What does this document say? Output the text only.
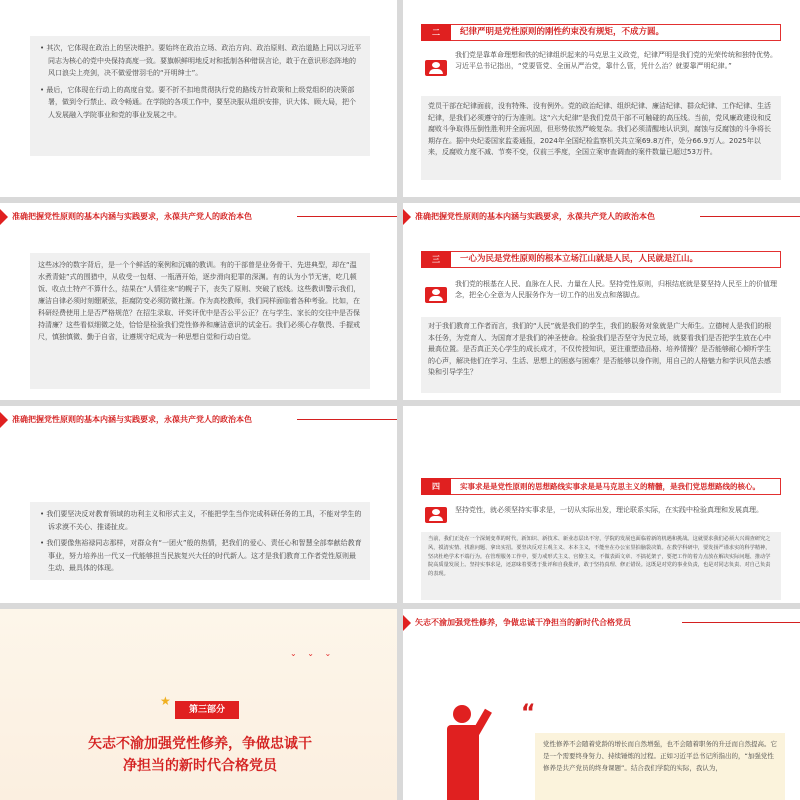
• 其次，它体现在政治上的坚决维护。要始终在政治立场、政治方向、政治原则、政治道路上同以习近平同志为核心的党中央保持高度一致。要旗帜鲜明地反对和抵制各种错误言论，敢于在意识形态阵地的风口浪尖上亮剑，决不做爱惜羽毛的“开明绅士”。

• 最后，它体现在行动上的高度自觉。要不折不扣地贯彻执行党的路线方针政策和上级党组织的决策部署，做到令行禁止、政令畅通。在学院的各项工作中，要坚决服从组织安排，识大体、顾大局，把个人发展融入学院事业和党的事业发展之中。

二	纪律严明是党性原则的刚性约束没有规矩，不成方圆。

我们党是靠革命理想和铁的纪律组织起来的马克思主义政党，纪律严明是我们党的光荣传统和独特优势。习近平总书记指出，“党要管党、全面从严治党，靠什么管，凭什么治？就要靠严明纪律。”

党员干部在纪律面前，没有特殊、没有例外。党的政治纪律、组织纪律、廉洁纪律、群众纪律、工作纪律、生活纪律，是我们必须遵守的行为准则。这“六大纪律”是我们党员干部不可触碰的高压线。当前，党风廉政建设和反腐败斗争取得压倒性胜利并全面巩固，但形势依然严峻复杂。我们必须清醒地认识到，腐蚀与反腐蚀的斗争将长期存在。据中央纪委国家监委通报，2024年全国纪检监察机关共立案69.8万件，处分66.9万人。2025年以来，反腐败力度不减、节奏不变，仅前三季度，全国立案审查调查的案件数量已超过53万件。

准确把握党性原则的基本内涵与实践要求，永葆共产党人的政治本色

这些冰冷的数字背后，是一个个鲜活的案例和沉痛的教训。有的干部曾是业务骨干、先进典型，却在“温水煮青蛙”式的围猎中，从收受一包烟、一瓶酒开始，逐步滑向犯罪的深渊。有的认为小节无害，吃几顿饭、收点土特产不算什么，结果在“人情往来”的幌子下，丧失了原则、突破了底线。这些教训警示我们，廉洁自律必须时刻绷紧弦，拒腐防变必须防微杜渐。作为高校教师，我们同样面临着各种考验。比如，在科研经费使用上是否严格规范？在招生录取、评奖评优中是否公平公正？在与学生、家长的交往中是否保持清廉？这些看似细微之处，恰恰是检验我们党性修养和廉洁意识的试金石。我们必须心存敬畏、手握戒尺，慎独慎微、勤于自省，让遵规守纪成为一种思想自觉和行动自觉。

准确把握党性原则的基本内涵与实践要求，永葆共产党人的政治本色
三	一心为民是党性原则的根本立场江山就是人民，人民就是江山。

我们党的根基在人民、血脉在人民、力量在人民。坚持党性原则，归根结底就是要坚持人民至上的价值理念，把全心全意为人民服务作为一切工作的出发点和落脚点。

对于我们教育工作者而言，我们的“人民”就是我们的学生，我们的服务对象就是广大师生。立德树人是我们的根本任务，为党育人、为国育才是我们的神圣使命。检验我们是否坚守为民立场，就要看我们是否把学生放在心中最高位置。是否真正关心学生的成长成才，不仅传授知识，更注重塑造品格、培养情操？是否能够耐心倾听学生的心声，解决他们在学习、生活、思想上的困惑与困难？是否能够以身作则，用自己的人格魅力和学识风范去感染和引导学生？

准确把握党性原则的基本内涵与实践要求，永葆共产党人的政治本色

• 我们要坚决反对教育领域的功利主义和形式主义，不能把学生当作完成科研任务的工具，不能对学生的诉求漠不关心、推诿扯皮。

• 我们要像焦裕禄同志那样，对群众有“一团火”般的热情，把我们的爱心、责任心和智慧全部奉献给教育事业，努力培养出一代又一代能够担当民族复兴大任的时代新人。这才是我们教育工作者党性原则最生动、最具体的体现。

四	实事求是是党性原则的思想路线实事求是是马克思主义的精髓，是我们党思想路线的核心。

坚持党性，就必须坚持实事求是，一切从实际出发，理论联系实际，在实践中检验真理和发展真理。

当前，我们正处在一个深刻变革的时代，新知识、新技术、新业态层出不穷，学院的发展也面临着新的机遇和挑战。这就要求我们必须大兴调查研究之风，摸清实情、找准问题、拿出实招。要坚决反对主观主义、本本主义，不能坐在办公室里拍脑袋决策。在教学科研中，要发扬严谨求实的科学精神，坚决杜绝学术不端行为。在管理服务工作中，要力戒形式主义、官僚主义，不做表面文章、不搞花架子，要把工作的着力点放在解决实际问题、推动学院高质量发展上。坚持实事求是，还意味着要勇于批评和自我批评，敢于坚持真理、修正错误。这既是对党的事业负责，也是对同志负责、对自己负责的表现。

⌄ ⌄ ⌄
★
第三部分
矢志不渝加强党性修养，争做忠诚干
净担当的新时代合格党员
矢志不渝加强党性修养，争做忠诚干净担当的新时代合格党员
“

党性修养不会随着党龄的增长而自然增强，也不会随着职务的升迁而自然提高。它是一个需要终身努力、持续锤炼的过程。正如习近平总书记所指出的，“加强党性修养是共产党员的终身课题”。结合我们学院的实际，我认为，
